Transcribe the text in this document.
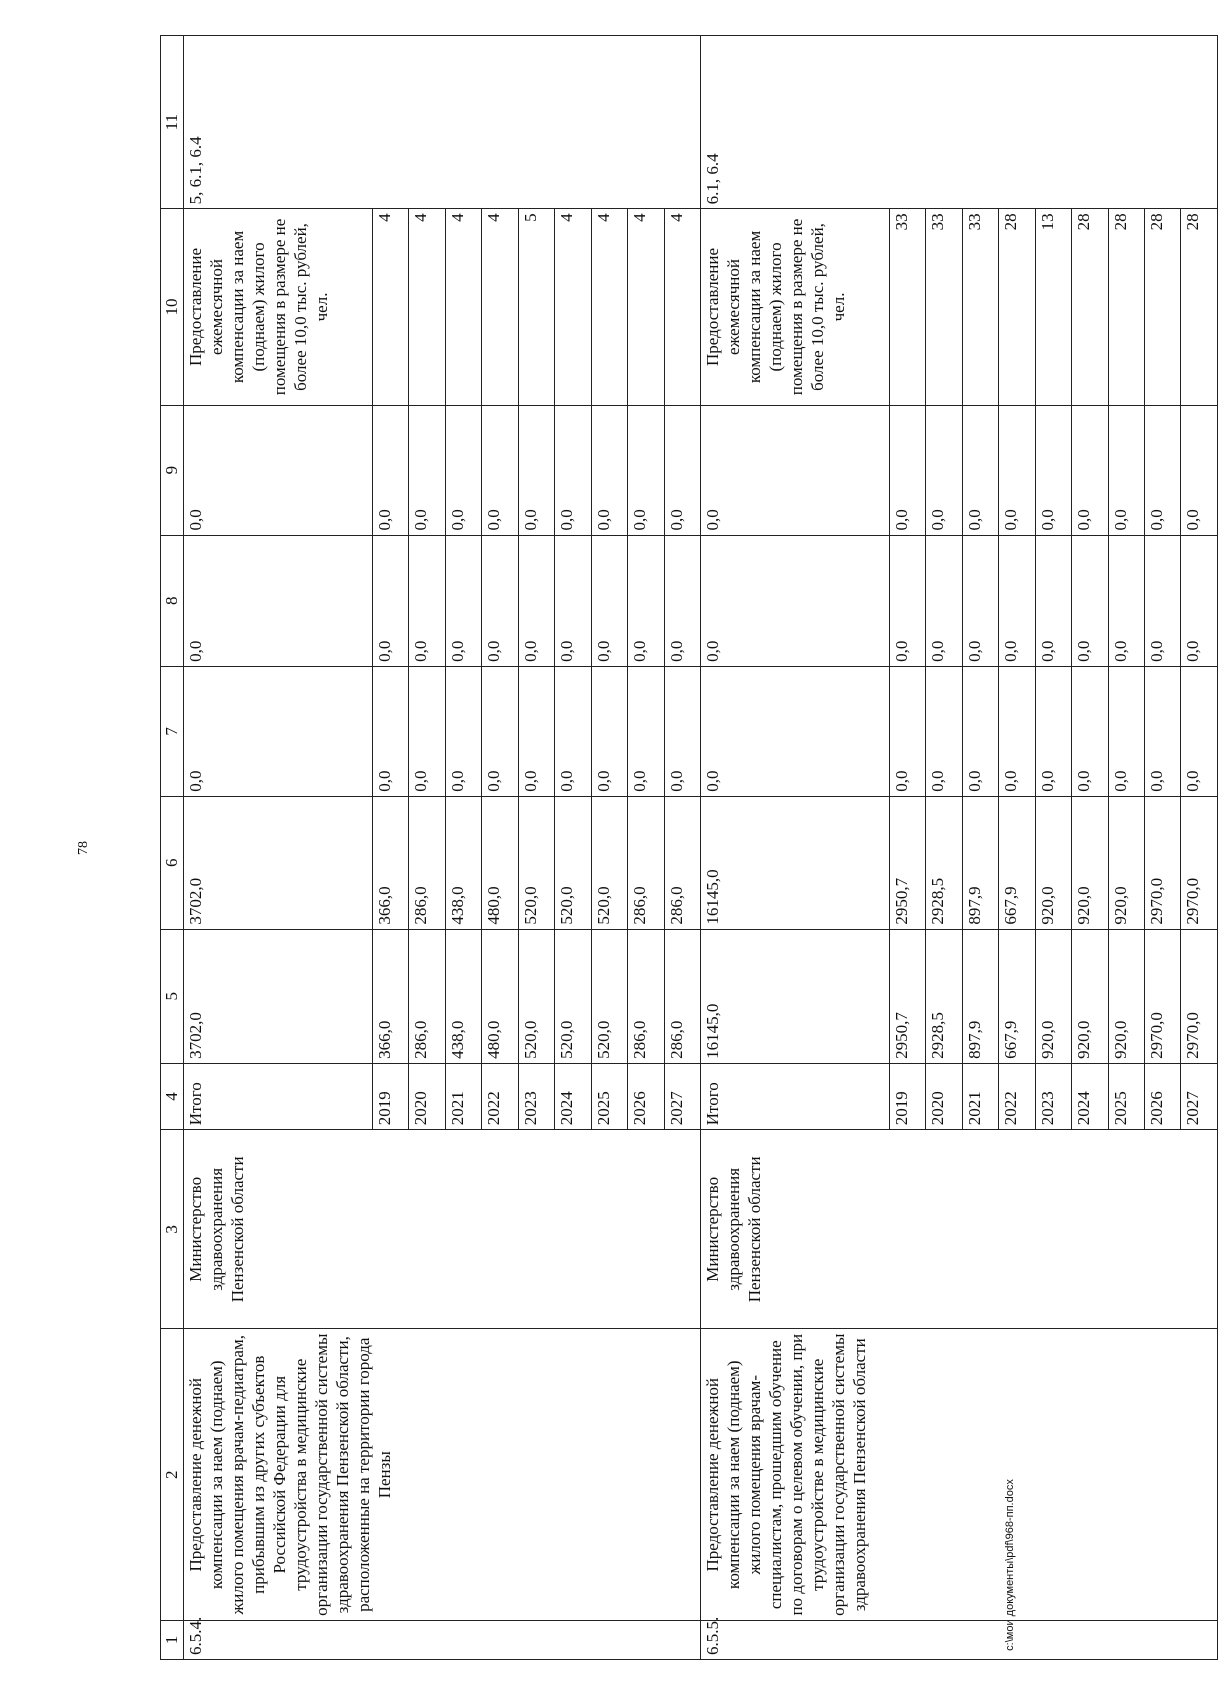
78
c:\мои документы\pdf\968-пп.docx
1	2	3	4	5	6	7	8	9	10	11
6.5.4.	Предоставление денежной компенсации за наем (поднаем) жилого помещения врачам-педиатрам, прибывшим из других субъектов Российской Федерации для трудоустройства в медицинские организации государственной системы здравоохранения Пензенской области, расположенные на территории города Пензы	Министерство здравоохранения Пензенской области	Итого	3702,0	3702,0	0,0	0,0	0,0	Предоставление ежемесячной компенсации за наем (поднаем) жилого помещения в размере не более 10,0 тыс. рублей, чел.	5, 6.1, 6.4
			2019	366,0	366,0	0,0	0,0	0,0	4	
			2020	286,0	286,0	0,0	0,0	0,0	4	
			2021	438,0	438,0	0,0	0,0	0,0	4	
			2022	480,0	480,0	0,0	0,0	0,0	4	
			2023	520,0	520,0	0,0	0,0	0,0	5	
			2024	520,0	520,0	0,0	0,0	0,0	4	
			2025	520,0	520,0	0,0	0,0	0,0	4	
			2026	286,0	286,0	0,0	0,0	0,0	4	
			2027	286,0	286,0	0,0	0,0	0,0	4	
6.5.5.	Предоставление денежной компенсации за наем (поднаем) жилого помещения врачам-специалистам, прошедшим обучение по договорам о целевом обучении, при трудоустройстве в медицинские организации государственной системы здравоохранения Пензенской области	Министерство здравоохранения Пензенской области	Итого	16145,0	16145,0	0,0	0,0	0,0	Предоставление ежемесячной компенсации за наем (поднаем) жилого помещения в размере не более 10,0 тыс. рублей, чел.	6.1, 6.4
			2019	2950,7	2950,7	0,0	0,0	0,0	33	
			2020	2928,5	2928,5	0,0	0,0	0,0	33	
			2021	897,9	897,9	0,0	0,0	0,0	33	
			2022	667,9	667,9	0,0	0,0	0,0	28	
			2023	920,0	920,0	0,0	0,0	0,0	13	
			2024	920,0	920,0	0,0	0,0	0,0	28	
			2025	920,0	920,0	0,0	0,0	0,0	28	
			2026	2970,0	2970,0	0,0	0,0	0,0	28	
			2027	2970,0	2970,0	0,0	0,0	0,0	28	
